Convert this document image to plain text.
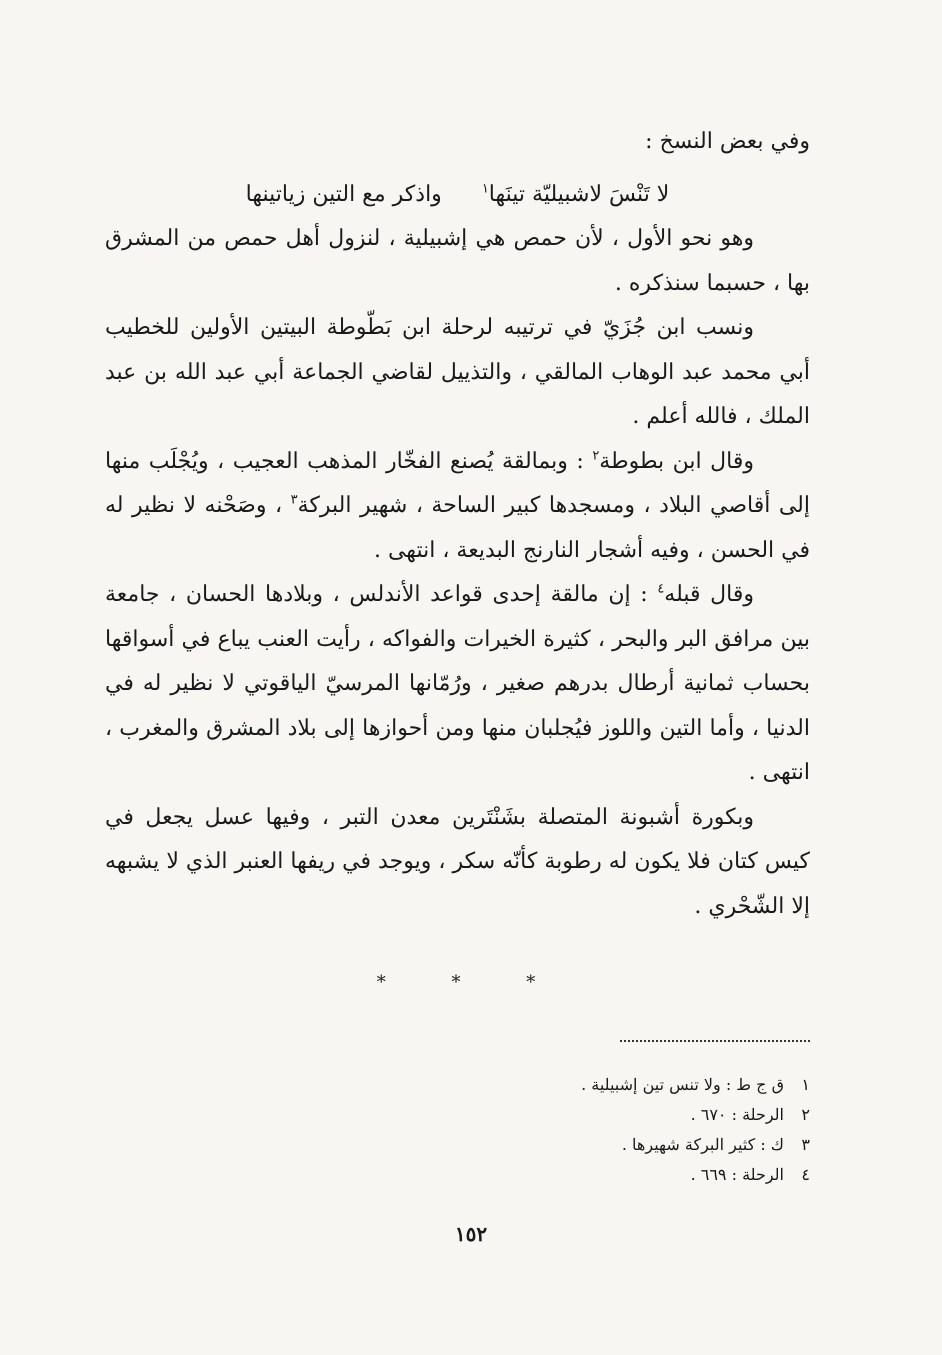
وفي بعض النسخ :

لا تَنْسَ لاشبيليّة تينَها$^١$
واذكر مع التين زياتينها

وهو نحو الأول ، لأن حمص هي إشبيلية ، لنزول أهل حمص من المشرق بها ، حسبما سنذكره .

ونسب ابن جُزَيّ في ترتيبه لرحلة ابن بَطّوطة البيتين الأولين للخطيب أبي محمد عبد الوهاب المالقي ، والتذييل لقاضي الجماعة أبي عبد الله بن عبد الملك ، فالله أعلم .

وقال ابن بطوطة$^٢$ : وبمالقة يُصنع الفخّار المذهب العجيب ، ويُجْلَب منها إلى أقاصي البلاد ، ومسجدها كبير الساحة ، شهير البركة$^٣$ ، وصَحْنه لا نظير له في الحسن ، وفيه أشجار النارنج البديعة ، انتهى .

وقال قبله$^٤$ : إن مالقة إحدى قواعد الأندلس ، وبلادها الحسان ، جامعة بين مرافق البر والبحر ، كثيرة الخيرات والفواكه ، رأيت العنب يباع في أسواقها بحساب ثمانية أرطال بدرهم صغير ، ورُمّانها المرسيّ الياقوتي لا نظير له في الدنيا ، وأما التين واللوز فيُجلبان منها ومن أحوازها إلى بلاد المشرق والمغرب ، انتهى .

وبكورة أشبونة المتصلة بشَنْتَرين معدن التبر ، وفيها عسل يجعل في كيس كتان فلا يكون له رطوبة كأنّه سكر ، ويوجد في ريفها العنبر الذي لا يشبهه إلا الشّحْري .

* * *
١
ق ج ط : ولا تنس تين إشبيلية .
٢
الرحلة : ٦٧٠ .
٣
ك : كثير البركة شهيرها .
٤
الرحلة : ٦٦٩ .
١٥٢
